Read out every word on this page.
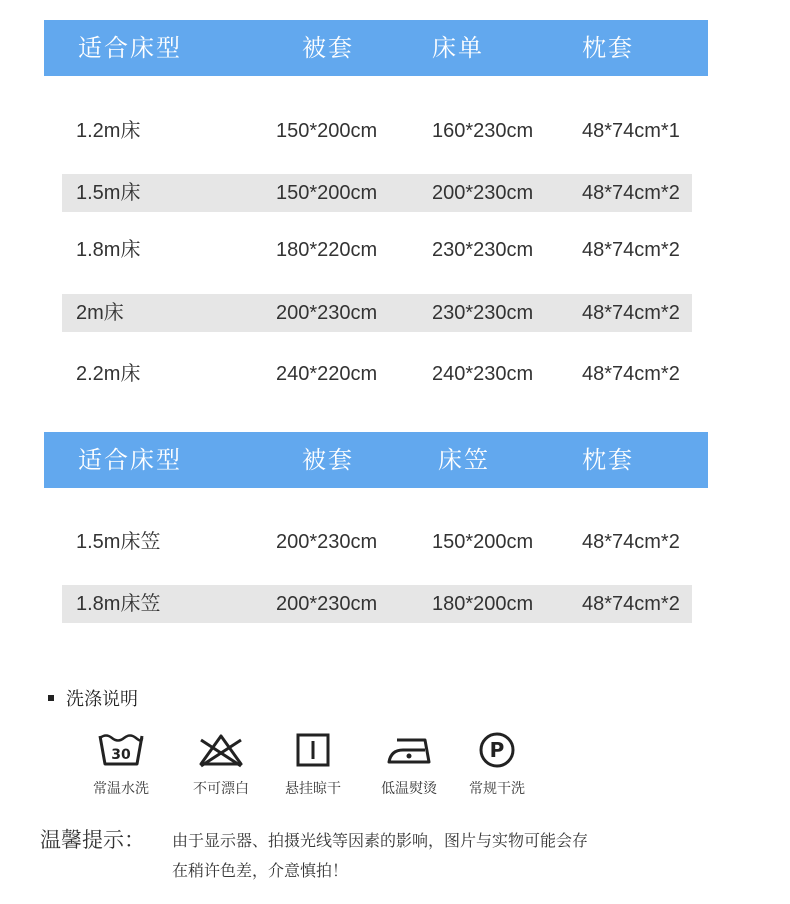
适合床型	被套	床单	枕套
1.2m床	150*200cm	160*230cm 48*74cm*1
1.5m床	150*200cm	200*230cm 48*74cm*2
1.8m床	180*220cm	230*230cm 48*74cm*2
2m床	200*230cm	230*230cm 48*74cm*2
2.2m床	240*220cm	240*230cm 48*74cm*2
适合床型	被套	床笠	枕套
1.5m床笠	200*230cm	150*200cm 48*74cm*2
1.8m床笠	200*230cm	180*200cm 48*74cm*2
洗涤说明
30
常温水洗	不可漂白	悬挂晾干	低温熨烫
P
常规干洗
温馨提示： 由于显示器、拍摄光线等因素的影响，图片与实物可能会存
在稍许色差，介意慎拍！
